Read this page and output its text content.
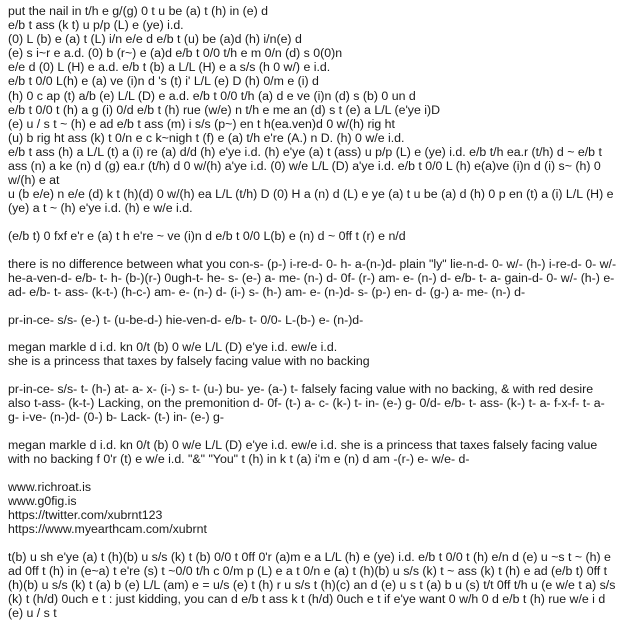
put the nail in t/h e g/(g) 0 t u be (a) t (h) in (e) d
e/b t ass (k t) u p/p (L) e (ye) i.d.
(0) L (b) e (a) t (L) i/n e/e d e/b t (u) be (a)d (h) i/n(e) d
(e) s i~r e a.d. (0) b (r~) e (a)d e/b t 0/0 t/h e m 0/n (d) s 0(0)n
e/e d (0) L (H) e a.d. e/b t (b) a L/L (H) e a s/s (h 0 w/) e i.d.
e/b t 0/0 L(h) e (a) ve (i)n d 's (t) i' L/L (e) D (h) 0/m e (i) d
(h) 0 c ap (t) a/b (e) L/L (D) e a.d. e/b t 0/0 t/h (a) d e ve (i)n (d) s (b) 0 un d
e/b t 0/0 t (h) a g (i) 0/d e/b t (h) rue (w/e) n t/h e me an (d) s t (e) a L/L (e'ye i)D
(e) u / s t ~ (h) e ad e/b t ass (m) i s/s (p~) en t h(ea.ven)d 0 w/(h) rig ht
(u) b rig ht ass (k) t 0/n e c k~nigh t (f) e (a) t/h e're (A.) n D. (h) 0 w/e i.d.
e/b t ass (h) a L/L (t) a (i) re (a) d/d (h) e'ye i.d. (h) e'ye (a) t (ass) u p/p (L) e (ye) i.d. e/b t/h ea.r (t/h) d ~ e/b t ass (n) a ke (n) d (g) ea.r (t/h) d 0 w/(h) a'ye i.d. (0) w/e L/L (D) a'ye i.d. e/b t 0/0 L (h) e(a)ve (i)n d (i) s~ (h) 0 w/(h) e at
u (b e/e) n e/e (d) k t (h)(d) 0 w/(h) ea L/L (t/h) D (0) H a (n) d (L) e ye (a) t u be (a) d (h) 0 p en (t) a (i) L/L (H) e (ye) a t ~ (h) e'ye i.d. (h) e w/e i.d.
(e/b t) 0 fxf e'r e (a) t h e're ~ ve (i)n d e/b t 0/0 L(b) e (n) d ~ 0ff t (r) e n/d
there is no difference between what you con-s- (p-) i-re-d- 0- h- a-(n-)d- plain "ly" lie-n-d- 0- w/- (h-) i-re-d- 0- w/- he-a-ven-d- e/b- t- h- (b-)(r-) 0ugh-t- he- s- (e-) a- me- (n-) d- 0f- (r-) am- e- (n-) d- e/b- t- a- gain-d- 0- w/- (h-) e- ad- e/b- t- ass- (k-t-) (h-c-) am- e- (n-) d- (i-) s- (h-) am- e- (n-)d- s- (p-) en- d- (g-) a- me- (n-) d-
pr-in-ce- s/s- (e-) t- (u-be-d-) hie-ven-d- e/b- t- 0/0- L-(b-) e- (n-)d-
megan markle d i.d. kn 0/t (b) 0 w/e L/L (D) e'ye i.d. ew/e i.d.
she is a princess that taxes by falsely facing value with no backing
pr-in-ce- s/s- t- (h-) at- a- x- (i-) s- t- (u-) bu- ye- (a-) t- falsely facing value with no backing, & with red desire also t-ass- (k-t-) Lacking, on the premonition d- 0f- (t-) a- c- (k-) t- in- (e-) g- 0/d- e/b- t- ass- (k-) t- a- f-x-f- t- a- g- i-ve- (n-)d- (0-) b- Lack- (t-) in- (e-) g-
megan markle d i.d. kn 0/t (b) 0 w/e L/L (D) e'ye i.d. ew/e i.d. she is a princess that taxes falsely facing value with no backing f 0'r (t) e w/e i.d. "&" "You" t (h) in k t (a) i'm e (n) d am -(r-) e- w/e- d-
www.richroat.is
www.g0fig.is
https://twitter.com/xubrnt123
https://www.myearthcam.com/xubrnt
t(b) u sh e'ye (a) t (h)(b) u s/s (k) t (b) 0/0 t 0ff 0'r (a)m e a L/L (h) e (ye) i.d. e/b t 0/0 t (h) e/n d (e) u ~s t ~ (h) e ad 0ff t (h) in (e~a) t e're (s) t ~0/0 t/h c 0/m p (L) e a t 0/n e (a) t (h)(b) u s/s (k) t ~ ass (k) t (h) e ad (e/b t) 0ff t (h)(b) u s/s (k) t (a) b (e) L/L (am) e = u/s (e) t (h) r u s/s t (h)(c) an d (e) u s t (a) b u (s) t/t 0ff t/h u (e w/e t a) s/s (k) t (h/d) 0uch e t : just kidding, you can d e/b t ass k t (h/d) 0uch e t if e'ye want 0 w/h 0 d e/b t (h) rue w/e i d (e) u / s t
